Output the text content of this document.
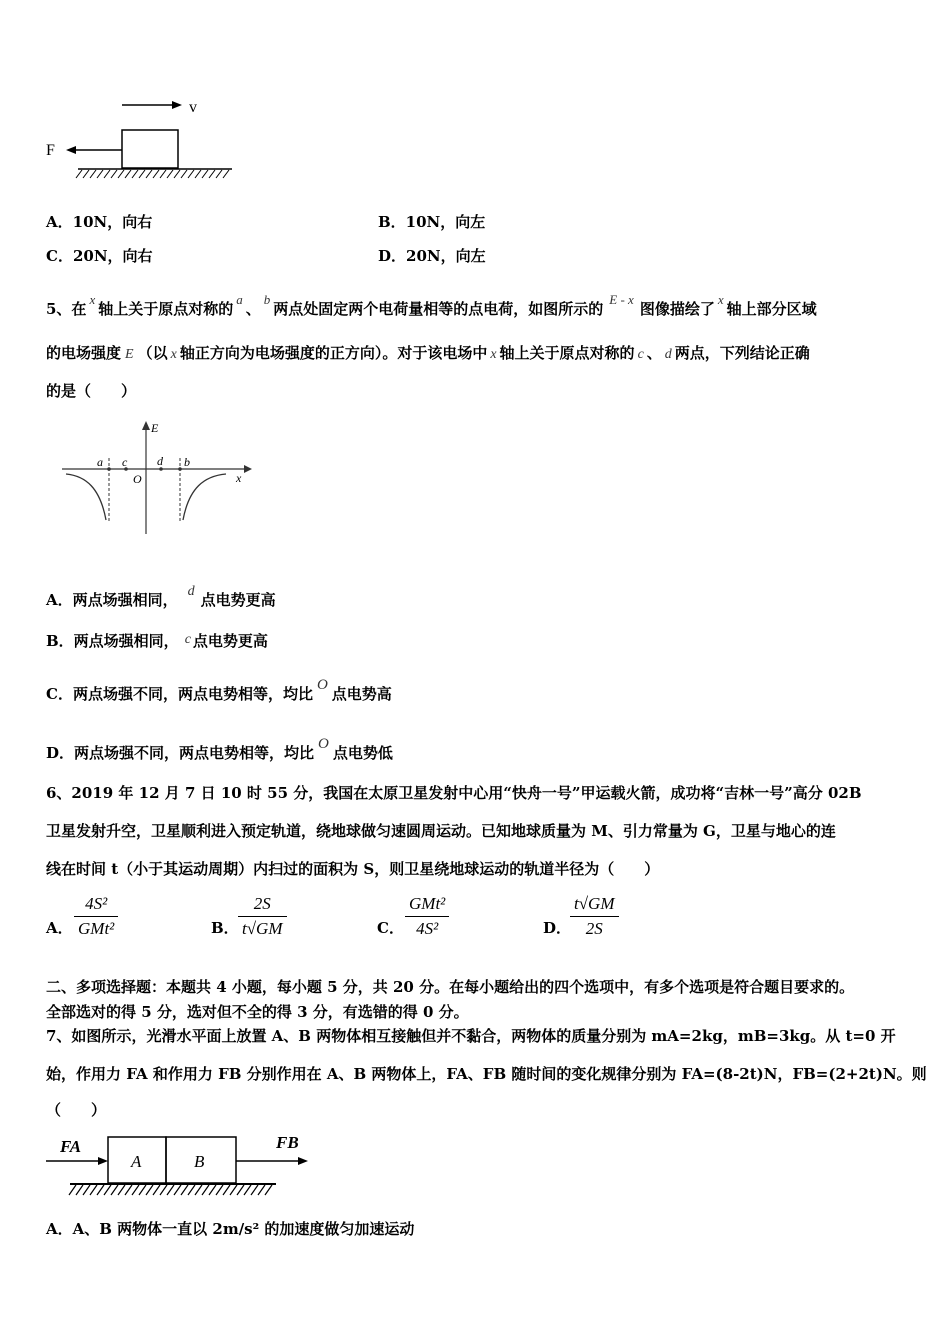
v
F
A．10N，向右	B．10N，向左
C．20N，向右	D．20N，向左
5、在$^x$轴上关于原点对称的$^a$、$^b$两点处固定两个电荷量相等的点电荷，如图所示的$^{E - x}$图像描绘了$^x$轴上部分区域
的电场强度 E （以 x 轴正方向为电场强度的正方向）。对于该电场中 x 轴上关于原点对称的 c 、 d 两点，下列结论正确
的是（　　）
E
a c d b
O	x
A．两点场强相同， $^d$ 点电势更高
B．两点场强相同， $^c$ 点电势更高
C．两点场强不同，两点电势相等，均比 $^O$ 点电势高
D．两点场强不同，两点电势相等，均比 $^O$ 点电势低
6、2019 年 12 月 7 日 10 时 55 分，我国在太原卫星发射中心用“快舟一号”甲运载火箭，成功将“吉林一号”高分 02B
卫星发射升空，卫星顺利进入预定轨道，绕地球做匀速圆周运动。已知地球质量为 M、引力常量为 G，卫星与地心的连
线在时间 t（小于其运动周期）内扫过的面积为 S，则卫星绕地球运动的轨道半径为（　　）
A．
4S²
GMt²	B．
2S
t√GM	C．
GMt²
4S²	D．
t√GM
2S
二、多项选择题：本题共 4 小题，每小题 5 分，共 20 分。在每小题给出的四个选项中，有多个选项是符合题目要求的。
全部选对的得 5 分，选对但不全的得 3 分，有选错的得 0 分。
7、如图所示，光滑水平面上放置 A、B 两物体相互接触但并不黏合，两物体的质量分别为 mA=2kg，mB=3kg。从 t=0 开
始，作用力 FA 和作用力 FB 分别作用在 A、B 两物体上，FA、FB 随时间的变化规律分别为 FA=(8-2t)N，FB=(2+2t)N。则
（　　）
FA
A	B
FB
A．A、B 两物体一直以 2m/s² 的加速度做匀加速运动
